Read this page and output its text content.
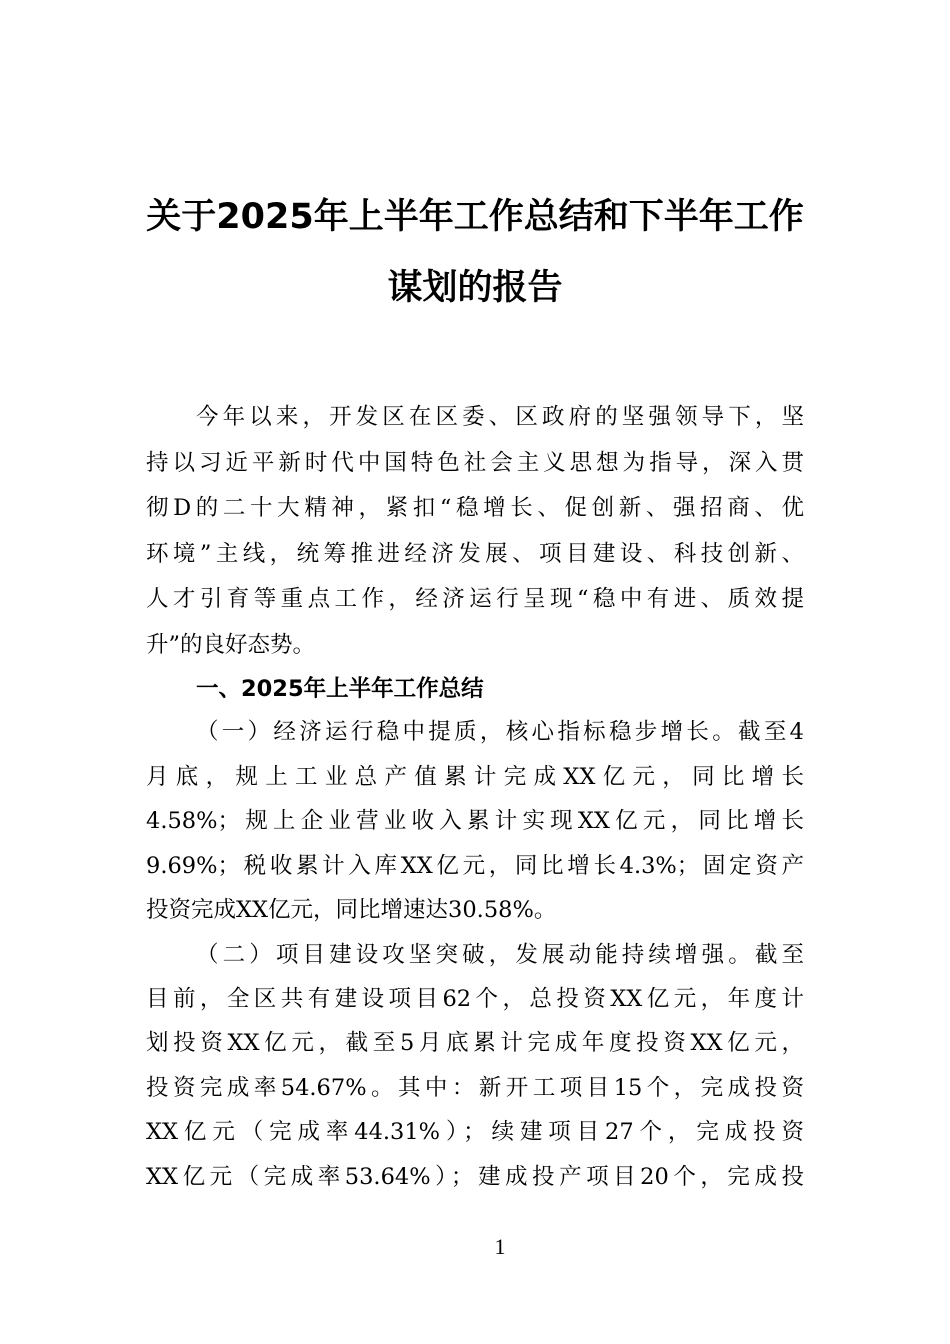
关于2025年上半年工作总结和下半年工作
谋划的报告

今年以来，开发区在区委、区政府的坚强领导下，坚

持以习近平新时代中国特色社会主义思想为指导，深入贯

彻D的二十大精神，紧扣“稳增长、促创新、强招商、优

环境”主线，统筹推进经济发展、项目建设、科技创新、

人才引育等重点工作，经济运行呈现“稳中有进、质效提

升”的良好态势。

一、2025年上半年工作总结

（一）经济运行稳中提质，核心指标稳步增长。截至4

月底，规上工业总产值累计完成XX亿元，同比增长

4.58%；规上企业营业收入累计实现XX亿元，同比增长

9.69%；税收累计入库XX亿元，同比增长4.3%；固定资产

投资完成XX亿元，同比增速达30.58%。

（二）项目建设攻坚突破，发展动能持续增强。截至

目前，全区共有建设项目62个，总投资XX亿元，年度计

划投资XX亿元，截至5月底累计完成年度投资XX亿元，

投资完成率54.67%。其中：新开工项目15个，完成投资

XX亿元（完成率44.31%）；续建项目27个，完成投资

XX亿元（完成率53.64%）；建成投产项目20个，完成投

1
